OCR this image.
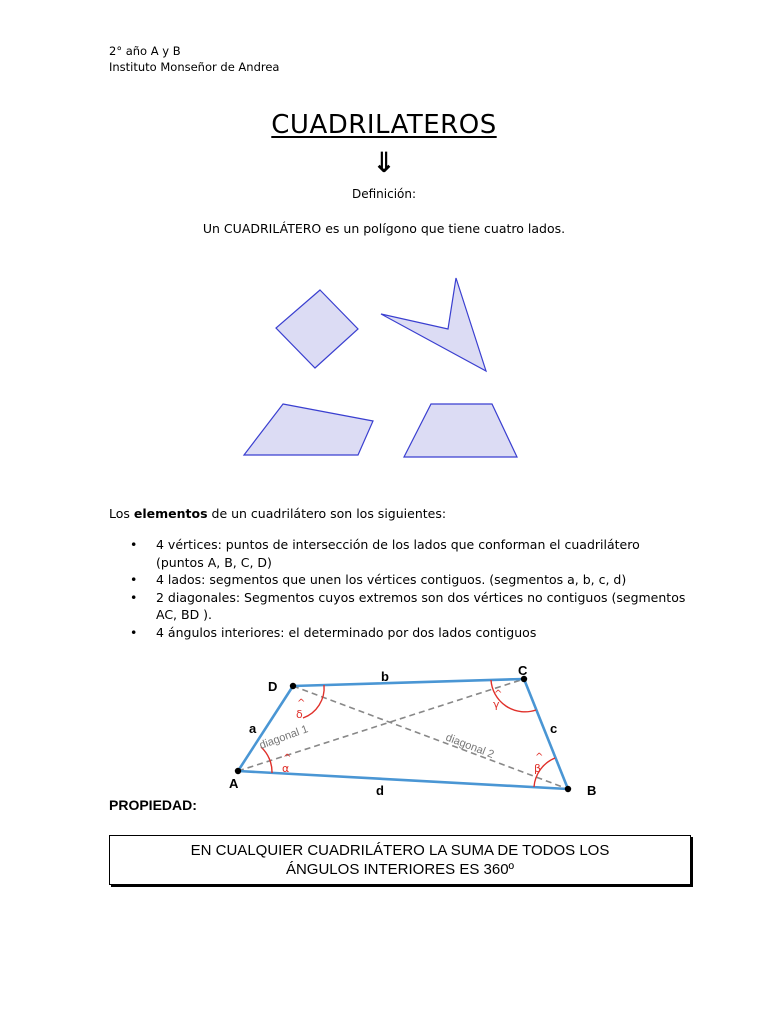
2° año A y B
Instituto Monseñor de Andrea
CUADRILATEROS
⇓
Definición:
Un CUADRILÁTERO es un polígono que tiene cuatro lados.
Los elementos de un cuadrilátero son los siguientes:
• 4 vértices: puntos de intersección de los lados que conforman el cuadrilátero (puntos A, B, C, D)
• 4 lados: segmentos que unen los vértices contiguos. (segmentos a, b, c, d)
• 2 diagonales: Segmentos cuyos extremos son dos vértices no contiguos (segmentos AC, BD ).
• 4 ángulos interiores: el determinado por dos lados contiguos
A	B
C
D
a
b
c
d
diagonal 1	diagonal 2
^
α
^
β
^
γ
^
δ
PROPIEDAD:
EN CUALQUIER CUADRILÁTERO LA SUMA DE TODOS LOS ÁNGULOS INTERIORES ES 360º
